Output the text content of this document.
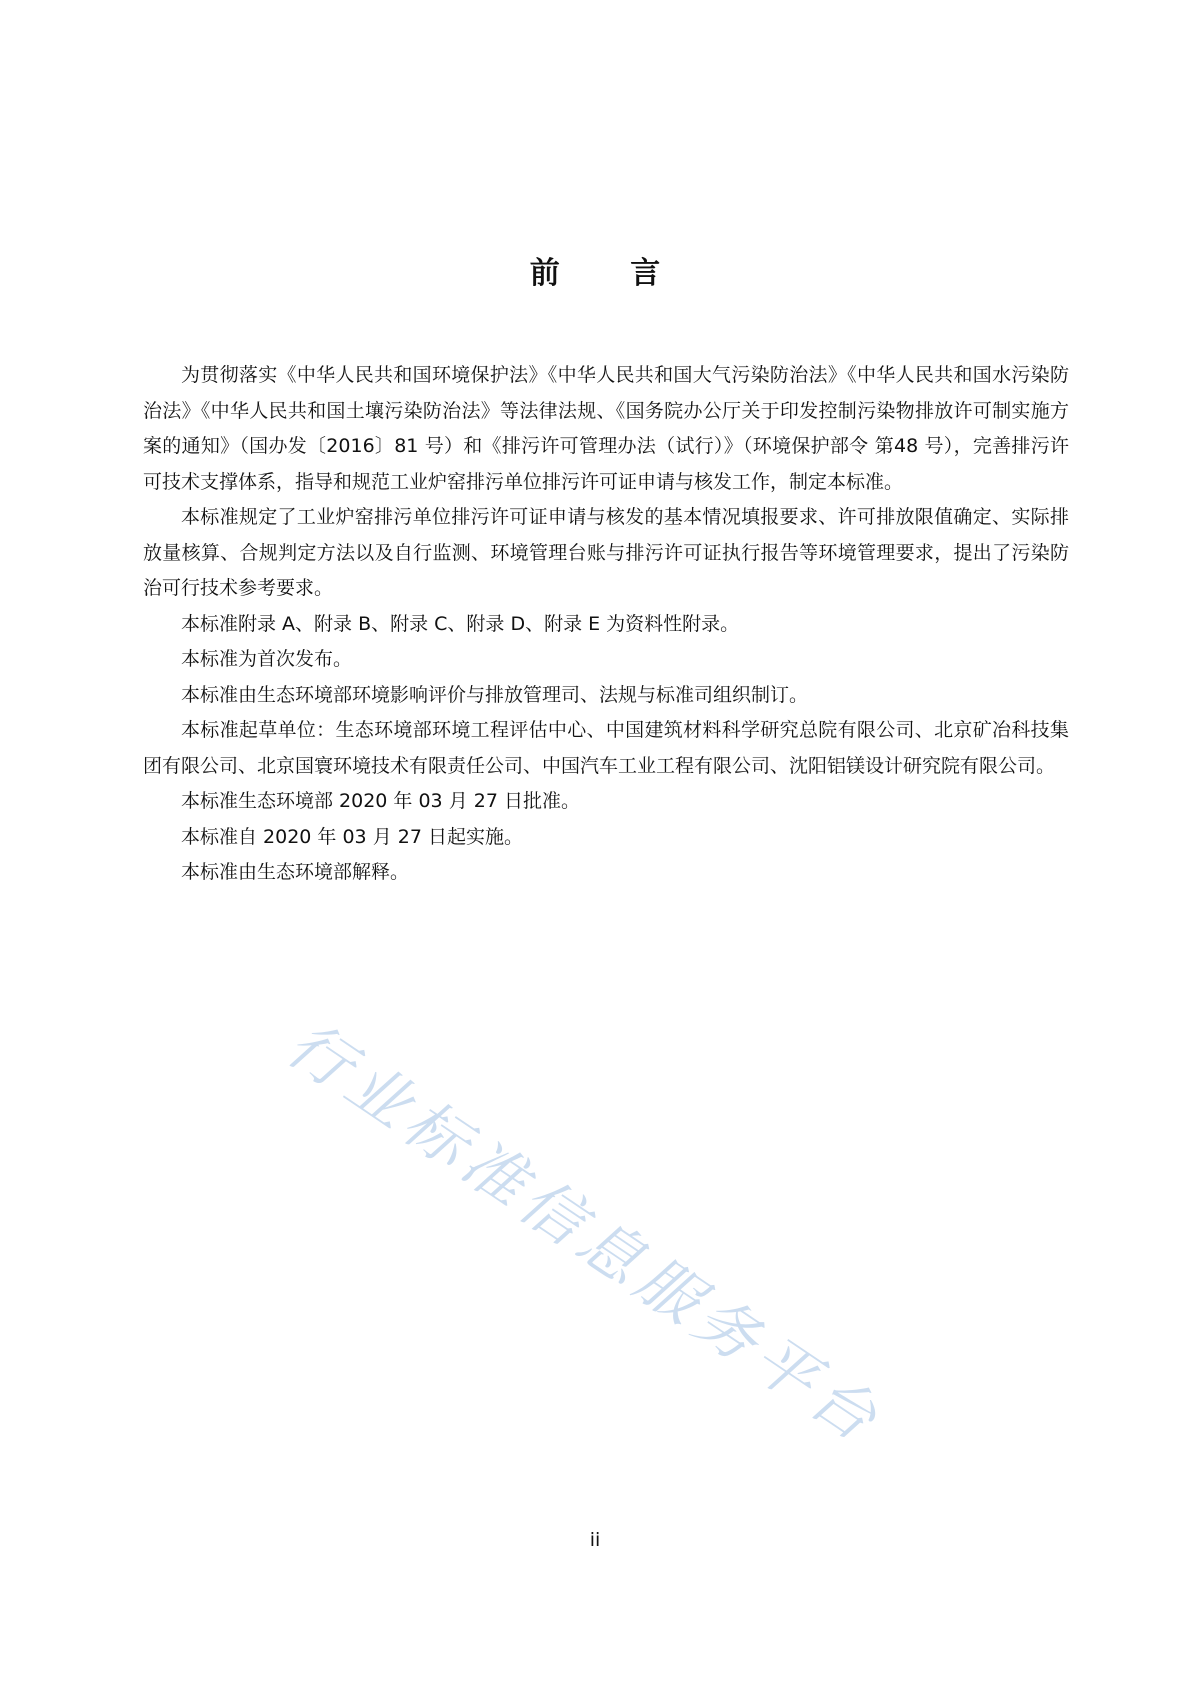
前 言

为贯彻落实《中华人民共和国环境保护法》《中华人民共和国大气污染防治法》《中华人民共和国水污染防治法》《中华人民共和国土壤污染防治法》等法律法规、《国务院办公厅关于印发控制污染物排放许可制实施方案的通知》（国办发〔2016〕81 号）和《排污许可管理办法（试行）》（环境保护部令 第48 号），完善排污许可技术支撑体系，指导和规范工业炉窑排污单位排污许可证申请与核发工作，制定本标准。

本标准规定了工业炉窑排污单位排污许可证申请与核发的基本情况填报要求、许可排放限值确定、实际排放量核算、合规判定方法以及自行监测、环境管理台账与排污许可证执行报告等环境管理要求，提出了污染防治可行技术参考要求。

本标准附录 A、附录 B、附录 C、附录 D、附录 E 为资料性附录。

本标准为首次发布。

本标准由生态环境部环境影响评价与排放管理司、法规与标准司组织制订。

本标准起草单位：生态环境部环境工程评估中心、中国建筑材料科学研究总院有限公司、北京矿冶科技集团有限公司、北京国寰环境技术有限责任公司、中国汽车工业工程有限公司、沈阳铝镁设计研究院有限公司。

本标准生态环境部 2020 年 03 月 27 日批准。

本标准自 2020 年 03 月 27 日起实施。

本标准由生态环境部解释。

行业标准信息服务平台
ii
